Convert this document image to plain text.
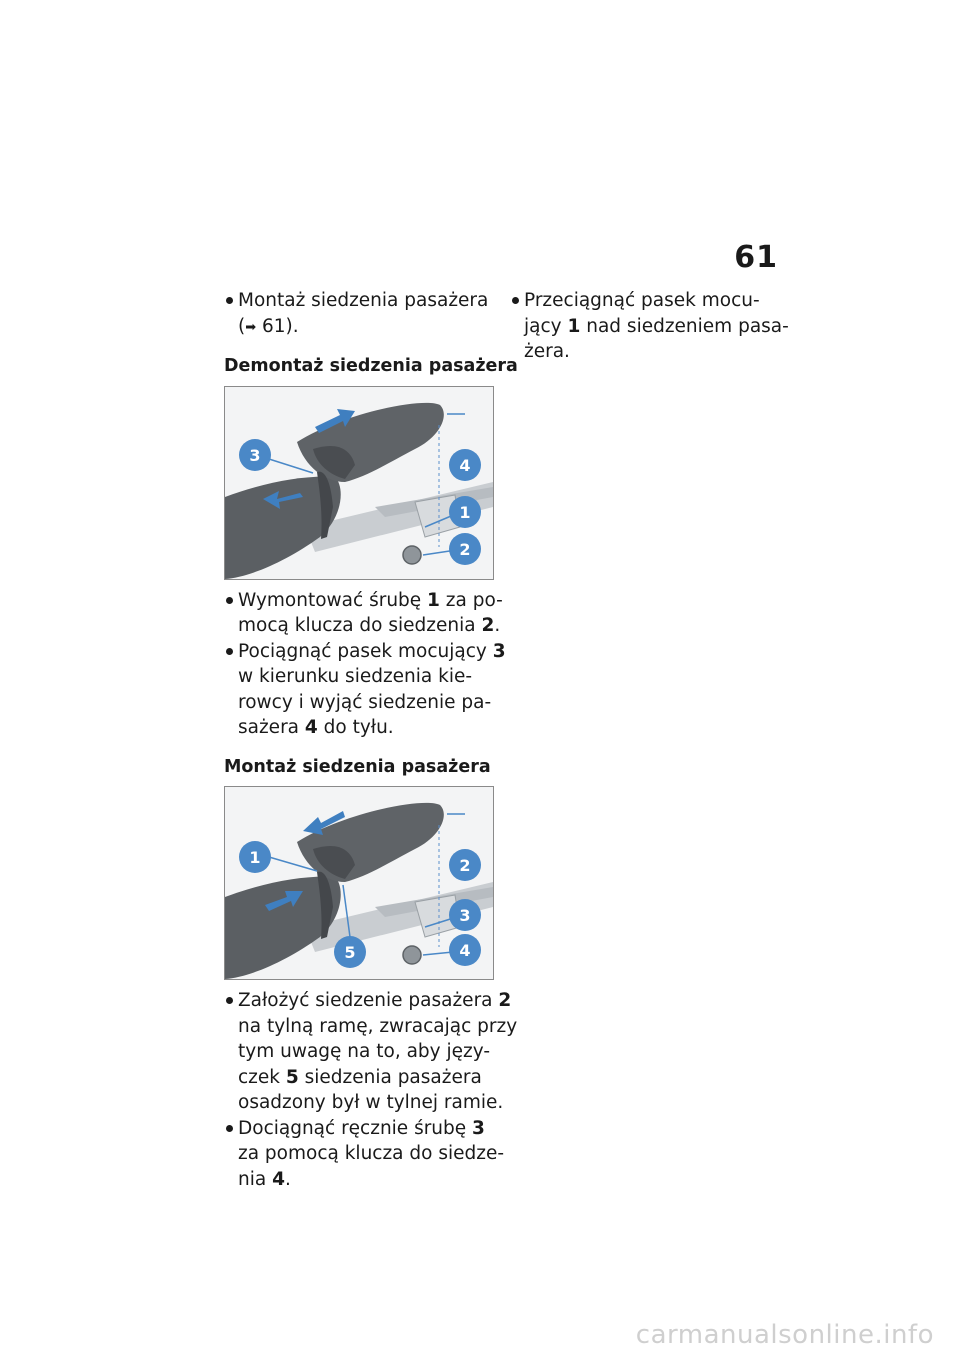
61

Montaż siedzenia pasażera
(➡ 61).

Demontaż siedzenia pasażera
3
4
1
2

Wymontować śrubę 1 za po-
mocą klucza do siedzenia 2.

Pociągnąć pasek mocujący 3
w kierunku siedzenia kie-
rowcy i wyjąć siedzenie pa-
sażera 4 do tyłu.

Montaż siedzenia pasażera
1	2
3
4
5

Założyć siedzenie pasażera 2
na tylną ramę, zwracając przy
tym uwagę na to, aby języ-
czek 5 siedzenia pasażera
osadzony był w tylnej ramie.

Dociągnąć ręcznie śrubę 3
za pomocą klucza do siedze-
nia 4.

Przeciągnąć pasek mocu-
jący 1 nad siedzeniem pasa-
żera.

carmanualsonline.info
